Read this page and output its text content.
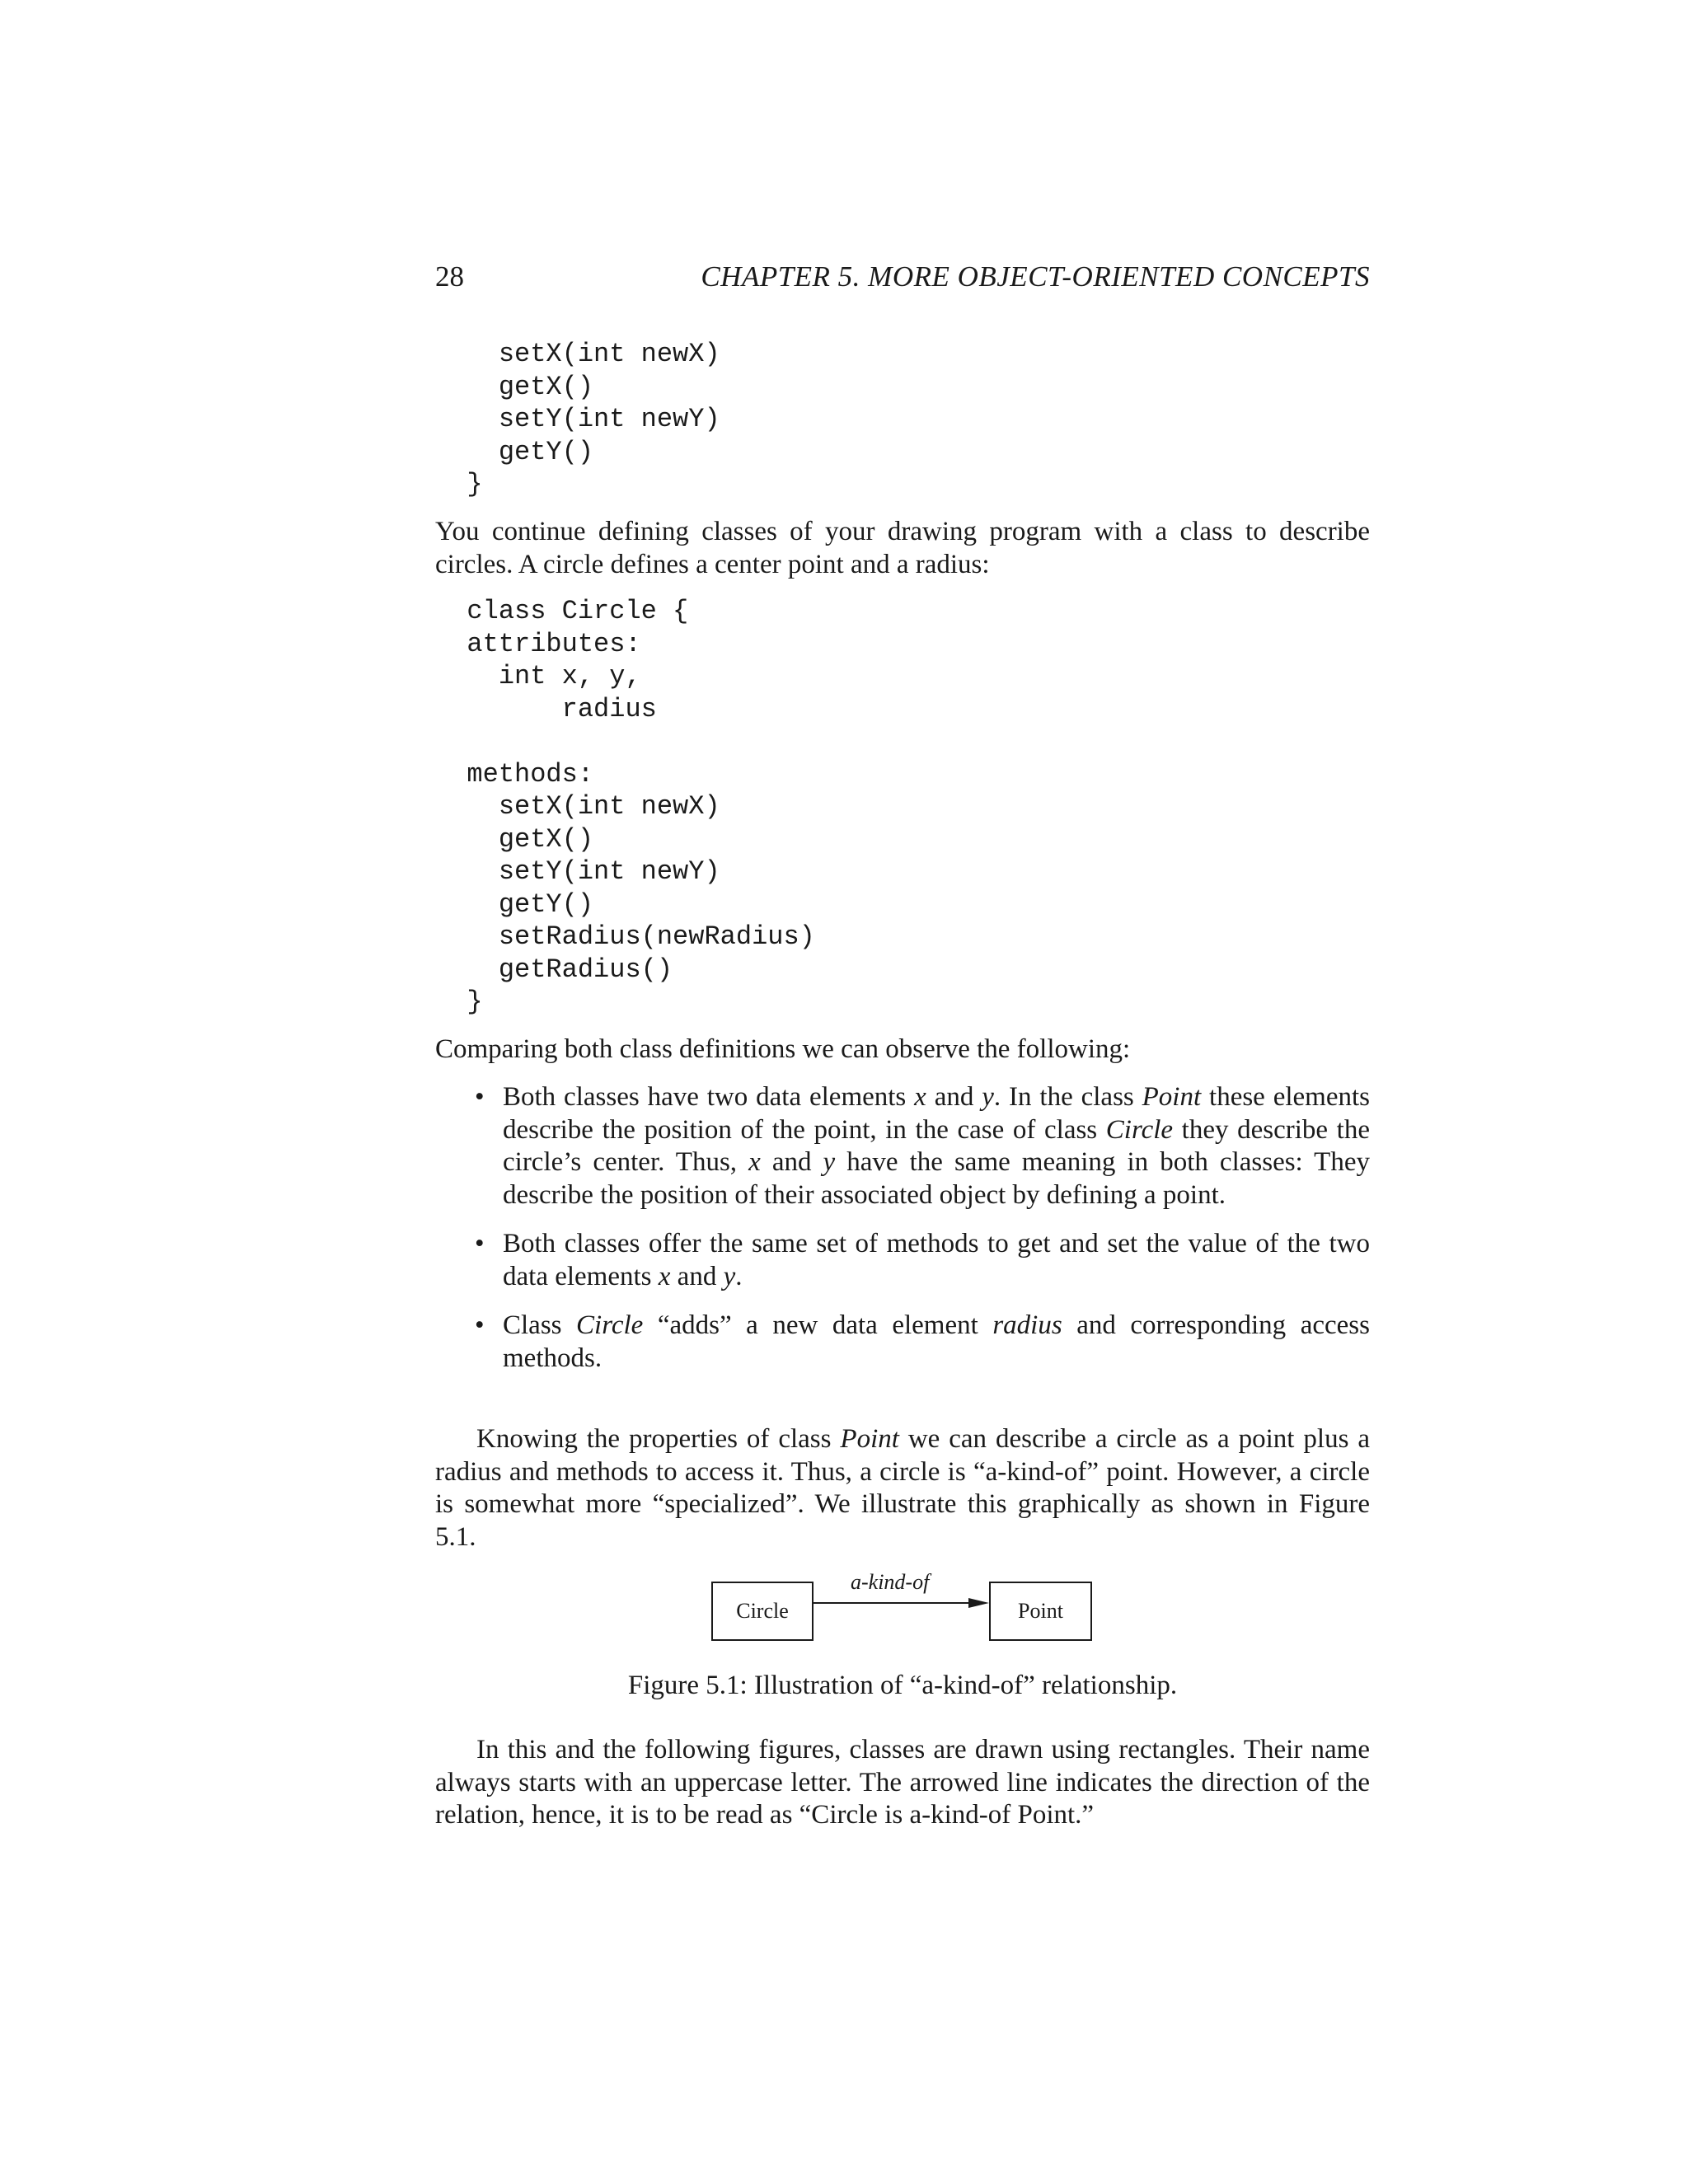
28	CHAPTER 5. MORE OBJECT-ORIENTED CONCEPTS
setX(int newX)
getX()
setY(int newY)
getY()
}

You continue defining classes of your drawing program with a class to describe circles. A circle defines a center point and a radius:

class Circle {
attributes:
int x, y,
radius
methods:
setX(int newX)
getX()
setY(int newY)
getY()
setRadius(newRadius)
getRadius()
}

Comparing both class definitions we can observe the following:

• Both classes have two data elements x and y. In the class Point these elements describe the position of the point, in the case of class Circle they describe the circle’s center. Thus, x and y have the same meaning in both classes: They describe the position of their associated object by defining a point.
• Both classes offer the same set of methods to get and set the value of the two data elements x and y.
• Class Circle “adds” a new data element radius and corresponding access methods.

Knowing the properties of class Point we can describe a circle as a point plus a radius and methods to access it. Thus, a circle is “a-kind-of” point. However, a circle is somewhat more “specialized”. We illustrate this graphically as shown in Figure 5.1.

Circle
a-kind-of
Point
Figure 5.1: Illustration of “a-kind-of” relationship.

In this and the following figures, classes are drawn using rectangles. Their name always starts with an uppercase letter. The arrowed line indicates the direction of the relation, hence, it is to be read as “Circle is a-kind-of Point.”
